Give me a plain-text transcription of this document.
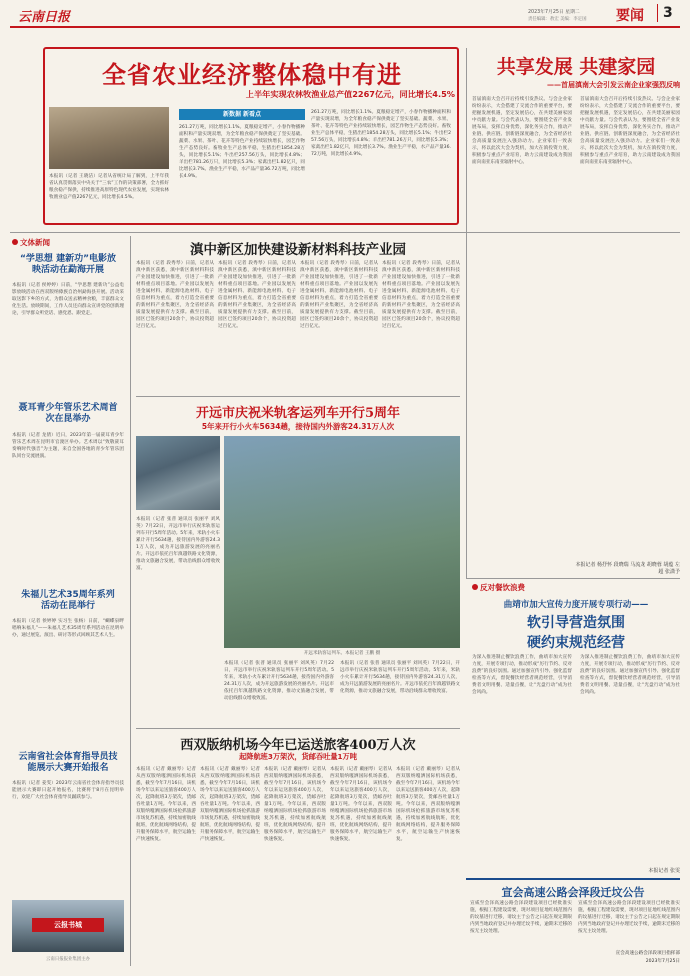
云南日报	2023年7月25日 星期二
责任编辑：敖宏 美编：李定国 要闻 3
全省农业经济整体稳中有进
上半年实现农林牧渔业总产值2267亿元，同比增长4.5%
本报讯（记者 王晓洁）记者从省统计局了解到，上半年我省认真贯彻落实中央关于“三农”工作的决策部署，全力抓好粮食稳产保供，持续推进高原特色现代农业发展，实现农林牧渔业总产值2267亿元，同比增长4.5%。
新数据 新看点
261.27万吨，同比增长1.1%。夏粮稳定增产，小春作物播种面积和产量实现双增，为全年粮食稳产保供奠定了坚实基础。蔬菜、水果、茶叶、花卉等特色产业持续较快增长，园艺作物生产态势良好。畜牧业生产总体平稳，生猪出栏1854.28万头，同比增长5.1%；牛出栏257.56万头，同比增长4.8%；羊出栏781.26万只，同比增长5.3%；家禽出栏1.82亿只，同比增长3.7%。渔业生产平稳，水产品产量36.72万吨，同比增长4.9%。
261.27万吨，同比增长1.1%。夏粮稳定增产，小春作物播种面积和产量实现双增，为全年粮食稳产保供奠定了坚实基础。蔬菜、水果、茶叶、花卉等特色产业持续较快增长，园艺作物生产态势良好。畜牧业生产总体平稳，生猪出栏1854.28万头，同比增长5.1%；牛出栏257.56万头，同比增长4.8%；羊出栏781.26万只，同比增长5.3%；家禽出栏1.82亿只，同比增长3.7%。渔业生产平稳，水产品产量36.72万吨，同比增长4.9%。
共享发展 共建家园
——首届滇南大会引发云南企业家强烈反响
首届滇南大会召开后持续引发热议。与会企业家纷纷表示，大会搭建了交流合作的重要平台，要把握发展机遇，坚定发展信心，在共建美丽家园中贡献力量。与会代表认为，要围绕全省产业发展布局，发挥自身优势，深化务实合作，推动产业链、供应链、创新链深度融合，为全省经济社会高质量发展注入强劲动力。企业家们一致表示，将以此次大会为契机，加大在滇投资力度，积极参与重点产业培育，助力云南建设成为我国面向南亚东南亚辐射中心。
首届滇南大会召开后持续引发热议。与会企业家纷纷表示，大会搭建了交流合作的重要平台，要把握发展机遇，坚定发展信心，在共建美丽家园中贡献力量。与会代表认为，要围绕全省产业发展布局，发挥自身优势，深化务实合作，推动产业链、供应链、创新链深度融合，为全省经济社会高质量发展注入强劲动力。企业家们一致表示，将以此次大会为契机，加大在滇投资力度，积极参与重点产业培育，助力云南建设成为我国面向南亚东南亚辐射中心。
本报记者 杨抒怀 段晓瑞 马流龙 胡晓蓉 胡蕴 左超 张潇予
文体新闻
“学思想 建新功”电影放映活动在勐海开展
本报讯（记者 侯婷婷）日前，“学思想 建新功”公益电影放映活动在西双版纳傣族自治州勐海县开展。活动采取送影下乡的方式，为群众送去精神食粮，丰富群众文化生活。放映期间，工作人员还向群众宣讲党的创新理论，引导群众听党话、感党恩、跟党走。
聂耳青少年管乐艺术周首次在昆举办
本报讯（记者 龙倩）近日，2023年第一届聂耳青少年管乐艺术周在昆明市官渡区举办。艺术周以“致敬聂耳 奏响时代强音”为主题，来自全国各地的青少年管乐团队同台交流展演。
朱福儿艺术35周年系列活动在昆举行
本报讯（记者 侯婷婷 实习生 张杨）日前，“蝴蝶泉畔 唱响朱福儿”——朱福儿艺术35周年系列活动在昆明举办，通过展览、演出、研讨等形式回顾其艺术人生。
云南省社会体育指导员技能展示大赛开始报名
本报讯（记者 姜雯）2023年云南省社会体育指导员技能展示大赛即日起开始报名，比赛将于8月在昆明举行，欢迎广大社会体育指导员踊跃参与。
云报书城
云南日报报业集团主办
滇中新区加快建设新材料科技产业园
本报讯（记者 段秀琴）日前，记者从滇中新区获悉，滇中新区新材料科技产业园建设加快推进，引进了一批新材料重点项目落地。产业园以发展先进金属材料、新能源电池材料、电子信息材料为重点，着力打造全省重要的新材料产业集聚区，为全省经济高质量发展提供有力支撑。截至目前，园区已签约项目20余个，协议投资超过百亿元。
本报讯（记者 段秀琴）日前，记者从滇中新区获悉，滇中新区新材料科技产业园建设加快推进，引进了一批新材料重点项目落地。产业园以发展先进金属材料、新能源电池材料、电子信息材料为重点，着力打造全省重要的新材料产业集聚区，为全省经济高质量发展提供有力支撑。截至目前，园区已签约项目20余个，协议投资超过百亿元。
本报讯（记者 段秀琴）日前，记者从滇中新区获悉，滇中新区新材料科技产业园建设加快推进，引进了一批新材料重点项目落地。产业园以发展先进金属材料、新能源电池材料、电子信息材料为重点，着力打造全省重要的新材料产业集聚区，为全省经济高质量发展提供有力支撑。截至目前，园区已签约项目20余个，协议投资超过百亿元。
本报讯（记者 段秀琴）日前，记者从滇中新区获悉，滇中新区新材料科技产业园建设加快推进，引进了一批新材料重点项目落地。产业园以发展先进金属材料、新能源电池材料、电子信息材料为重点，着力打造全省重要的新材料产业集聚区，为全省经济高质量发展提供有力支撑。截至目前，园区已签约项目20余个，协议投资超过百亿元。
开远市庆祝米轨客运列车开行5周年
5年来开行小火车5634趟，接待国内外游客24.31万人次
开远米轨客运列车。本报记者 王鹏 摄
本报讯（记者 张普 通讯员 张丽平 刘风英）7月22日，开远市举行庆祝米轨客运列车开行5周年活动。5年来，米轨小火车累计开行5634趟，接待国内外游客24.31万人次，成为开远旅游发展的亮丽名片。开远市依托百年滇越铁路文化资源，推动文旅融合发展，带动沿线群众增收致富。
本报讯（记者 张普 通讯员 张丽平 刘风英）7月22日，开远市举行庆祝米轨客运列车开行5周年活动。5年来，米轨小火车累计开行5634趟，接待国内外游客24.31万人次，成为开远旅游发展的亮丽名片。开远市依托百年滇越铁路文化资源，推动文旅融合发展，带动沿线群众增收致富。
本报讯（记者 张普 通讯员 张丽平 刘风英）7月22日，开远市举行庆祝米轨客运列车开行5周年活动。5年来，米轨小火车累计开行5634趟，接待国内外游客24.31万人次，成为开远旅游发展的亮丽名片。开远市依托百年滇越铁路文化资源，推动文旅融合发展，带动沿线群众增收致富。
西双版纳机场今年已运送旅客400万人次
起降航班3万架次，货邮吞吐量1万吨
本报讯（记者 戴丽琴）记者从西双版纳嘎洒国际机场获悉，截至今年7月16日，该机场今年以来运送旅客400万人次，起降航班3万架次，货邮吞吐量1万吨。今年以来，西双版纳嘎洒国际机场抢抓旅游市场复苏机遇，持续加密航线航班，优化航线网络结构，提升服务保障水平，航空运输生产快速恢复。
本报讯（记者 戴丽琴）记者从西双版纳嘎洒国际机场获悉，截至今年7月16日，该机场今年以来运送旅客400万人次，起降航班3万架次，货邮吞吐量1万吨。今年以来，西双版纳嘎洒国际机场抢抓旅游市场复苏机遇，持续加密航线航班，优化航线网络结构，提升服务保障水平，航空运输生产快速恢复。
本报讯（记者 戴丽琴）记者从西双版纳嘎洒国际机场获悉，截至今年7月16日，该机场今年以来运送旅客400万人次，起降航班3万架次，货邮吞吐量1万吨。今年以来，西双版纳嘎洒国际机场抢抓旅游市场复苏机遇，持续加密航线航班，优化航线网络结构，提升服务保障水平，航空运输生产快速恢复。
本报讯（记者 戴丽琴）记者从西双版纳嘎洒国际机场获悉，截至今年7月16日，该机场今年以来运送旅客400万人次，起降航班3万架次，货邮吞吐量1万吨。今年以来，西双版纳嘎洒国际机场抢抓旅游市场复苏机遇，持续加密航线航班，优化航线网络结构，提升服务保障水平，航空运输生产快速恢复。
本报讯（记者 戴丽琴）记者从西双版纳嘎洒国际机场获悉，截至今年7月16日，该机场今年以来运送旅客400万人次，起降航班3万架次，货邮吞吐量1万吨。今年以来，西双版纳嘎洒国际机场抢抓旅游市场复苏机遇，持续加密航线航班，优化航线网络结构，提升服务保障水平，航空运输生产快速恢复。
反对餐饮浪费
曲靖市加大宣传力度开展专项行动——
软引导营造氛围
硬约束规范经营
为深入推进制止餐饮浪费工作，曲靖市加大宣传力度，开展专项行动，推动形成“厉行节约、反对浪费”的良好氛围。通过加强宣传引导、强化监督检查等方式，督促餐饮经营者规范经营，引导消费者文明用餐、适量点餐，让“光盘行动”成为社会风尚。
为深入推进制止餐饮浪费工作，曲靖市加大宣传力度，开展专项行动，推动形成“厉行节约、反对浪费”的良好氛围。通过加强宣传引导、强化监督检查等方式，督促餐饮经营者规范经营，引导消费者文明用餐、适量点餐，让“光盘行动”成为社会风尚。
本报记者 张雯
宣会高速公路会泽段迁坟公告
宣威至会泽高速公路会泽段建设项目已经批准实施，根据工程建设需要，现对项目征地红线范围内的坟墓进行迁移，请坟主于公告之日起在规定期限内到当地政府登记并办理迁坟手续，逾期未迁移的按无主坟处理。
宣威至会泽高速公路会泽段建设项目已经批准实施，根据工程建设需要，现对项目征地红线范围内的坟墓进行迁移，请坟主于公告之日起在规定期限内到当地政府登记并办理迁坟手续，逾期未迁移的按无主坟处理。
宣会高速公路会泽段项目指挥部
2023年7月25日
